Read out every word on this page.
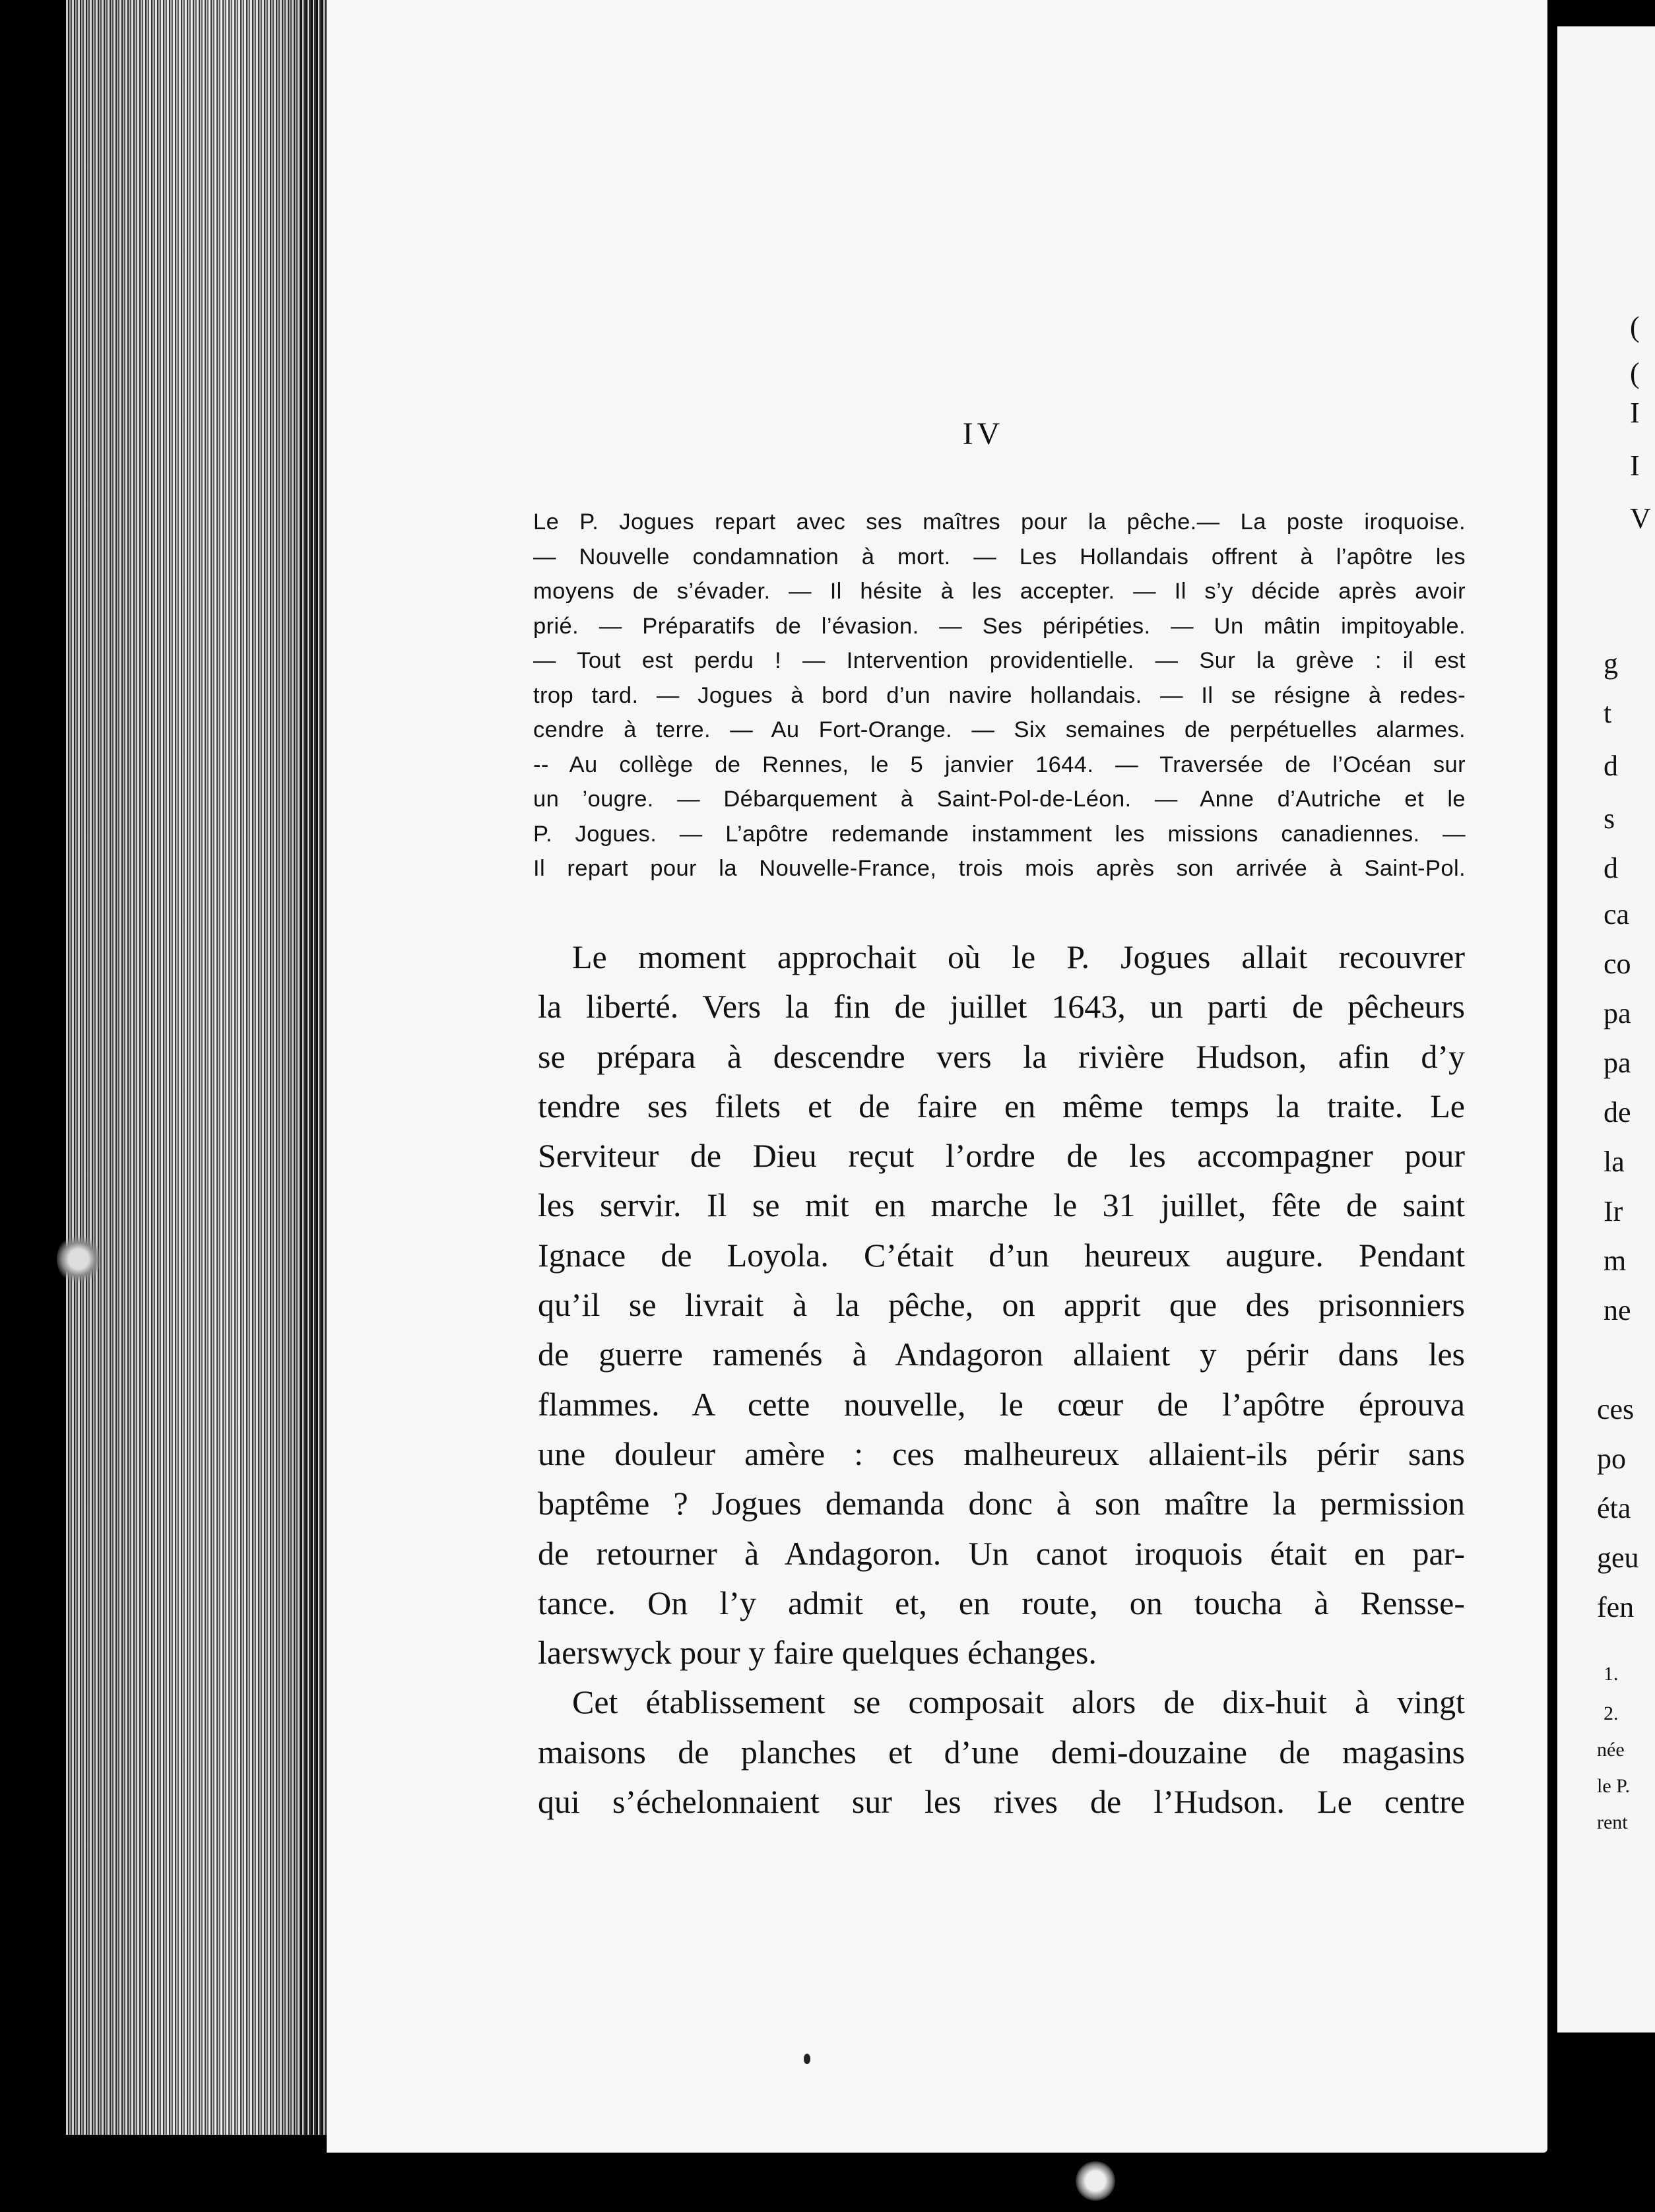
(

(

I

I

V

g

t

d

s

d

ca

co

pa

pa

de

la

Ir

m

ne

ces

po

éta

geu

fen

1.

2.

née

le P.

rent

IV
Le P. Jogues repart avec ses maîtres pour la pêche.— La poste iroquoise.
— Nouvelle condamnation à mort. — Les Hollandais offrent à l’apôtre les
moyens de s’évader. — Il hésite à les accepter. — Il s’y décide après avoir
prié. — Préparatifs de l’évasion. — Ses péripéties. — Un mâtin impitoyable.
— Tout est perdu ! — Intervention providentielle. — Sur la grève : il est
trop tard. — Jogues à bord d’un navire hollandais. — Il se résigne à redes-
cendre à terre. — Au Fort-Orange. — Six semaines de perpétuelles alarmes.
-- Au collège de Rennes, le 5 janvier 1644. — Traversée de l’Océan sur
un ’ougre. — Débarquement à Saint-Pol-de-Léon. — Anne d’Autriche et le
P. Jogues. — L’apôtre redemande instamment les missions canadiennes. —
Il repart pour la Nouvelle-France, trois mois après son arrivée à Saint-Pol.
Le moment approchait où le P. Jogues allait recouvrer
la liberté. Vers la fin de juillet 1643, un parti de pêcheurs
se prépara à descendre vers la rivière Hudson, afin d’y
tendre ses filets et de faire en même temps la traite. Le
Serviteur de Dieu reçut l’ordre de les accompagner pour
les servir. Il se mit en marche le 31 juillet, fête de saint
Ignace de Loyola. C’était d’un heureux augure. Pendant
qu’il se livrait à la pêche, on apprit que des prisonniers
de guerre ramenés à Andagoron allaient y périr dans les
flammes. A cette nouvelle, le cœur de l’apôtre éprouva
une douleur amère : ces malheureux allaient-ils périr sans
baptême ? Jogues demanda donc à son maître la permission
de retourner à Andagoron. Un canot iroquois était en par-
tance. On l’y admit et, en route, on toucha à Rensse-
laerswyck pour y faire quelques échanges.
Cet établissement se composait alors de dix-huit à vingt
maisons de planches et d’une demi-douzaine de magasins
qui s’échelonnaient sur les rives de l’Hudson. Le centre
